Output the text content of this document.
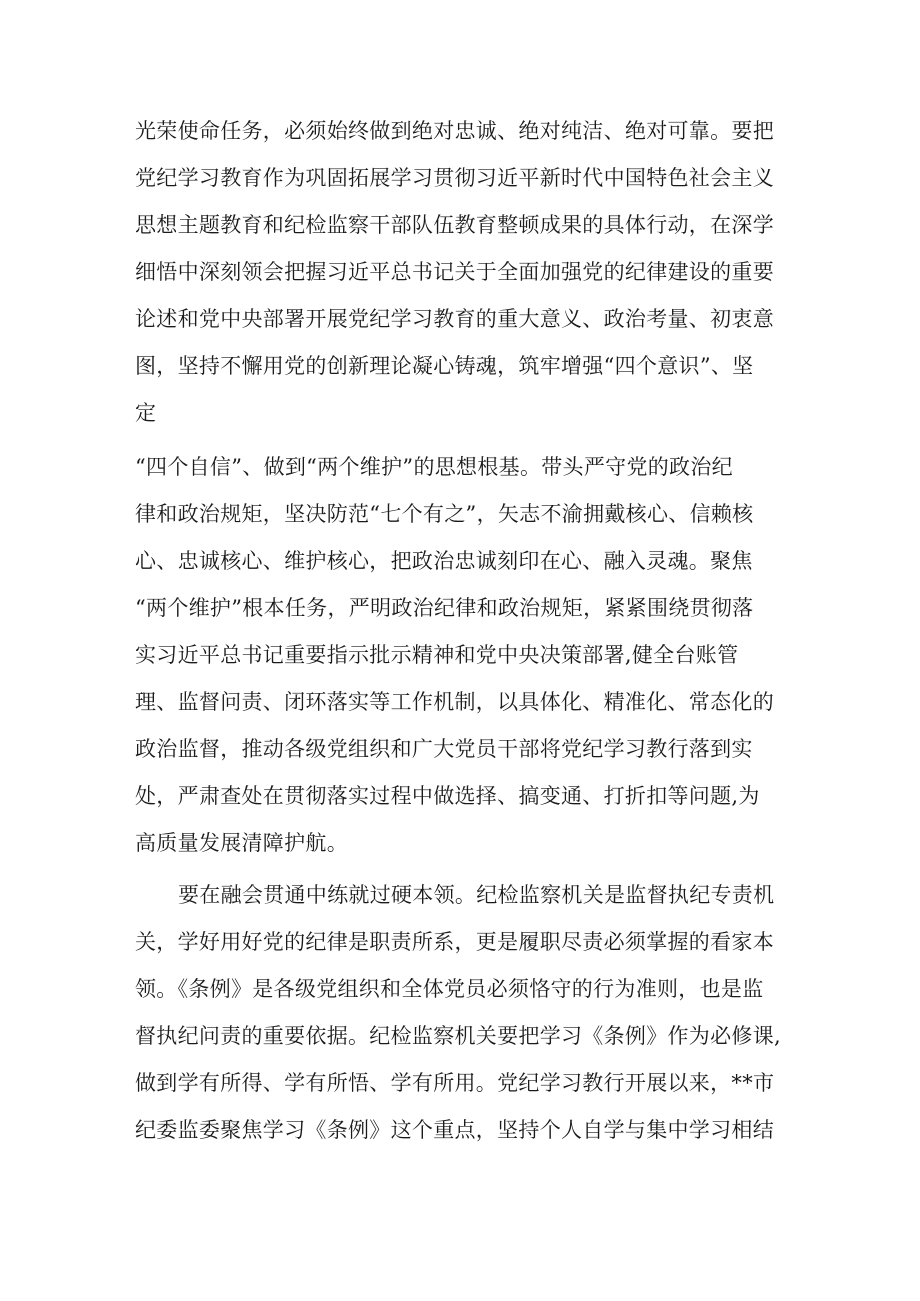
光荣使命任务，必须始终做到绝对忠诚、绝对纯洁、绝对可靠。要把
党纪学习教育作为巩固拓展学习贯彻习近平新时代中国特色社会主义
思想主题教育和纪检监察干部队伍教育整顿成果的具体行动，在深学
细悟中深刻领会把握习近平总书记关于全面加强党的纪律建设的重要
论述和党中央部署开展党纪学习教育的重大意义、政治考量、初衷意
图，坚持不懈用党的创新理论凝心铸魂，筑牢增强“四个意识”、坚
定
“四个自信”、做到“两个维护”的思想根基。带头严守党的政治纪
律和政治规矩，坚决防范“七个有之”，矢志不渝拥戴核心、信赖核
心、忠诚核心、维护核心，把政治忠诚刻印在心、融入灵魂。聚焦
“两个维护”根本任务，严明政治纪律和政治规矩，紧紧围绕贯彻落
实习近平总书记重要指示批示精神和党中央决策部署,健全台账管
理、监督问责、闭环落实等工作机制，以具体化、精准化、常态化的
政治监督，推动各级党组织和广大党员干部将党纪学习教行落到实
处，严肃查处在贯彻落实过程中做选择、搞变通、打折扣等问题,为
高质量发展清障护航。
要在融会贯通中练就过硬本领。纪检监察机关是监督执纪专责机
关，学好用好党的纪律是职责所系，更是履职尽责必须掌握的看家本
领。《条例》是各级党组织和全体党员必须恪守的行为准则，也是监
督执纪问责的重要依据。纪检监察机关要把学习《条例》作为必修课,
做到学有所得、学有所悟、学有所用。党纪学习教行开展以来，**市
纪委监委聚焦学习《条例》这个重点，坚持个人自学与集中学习相结
